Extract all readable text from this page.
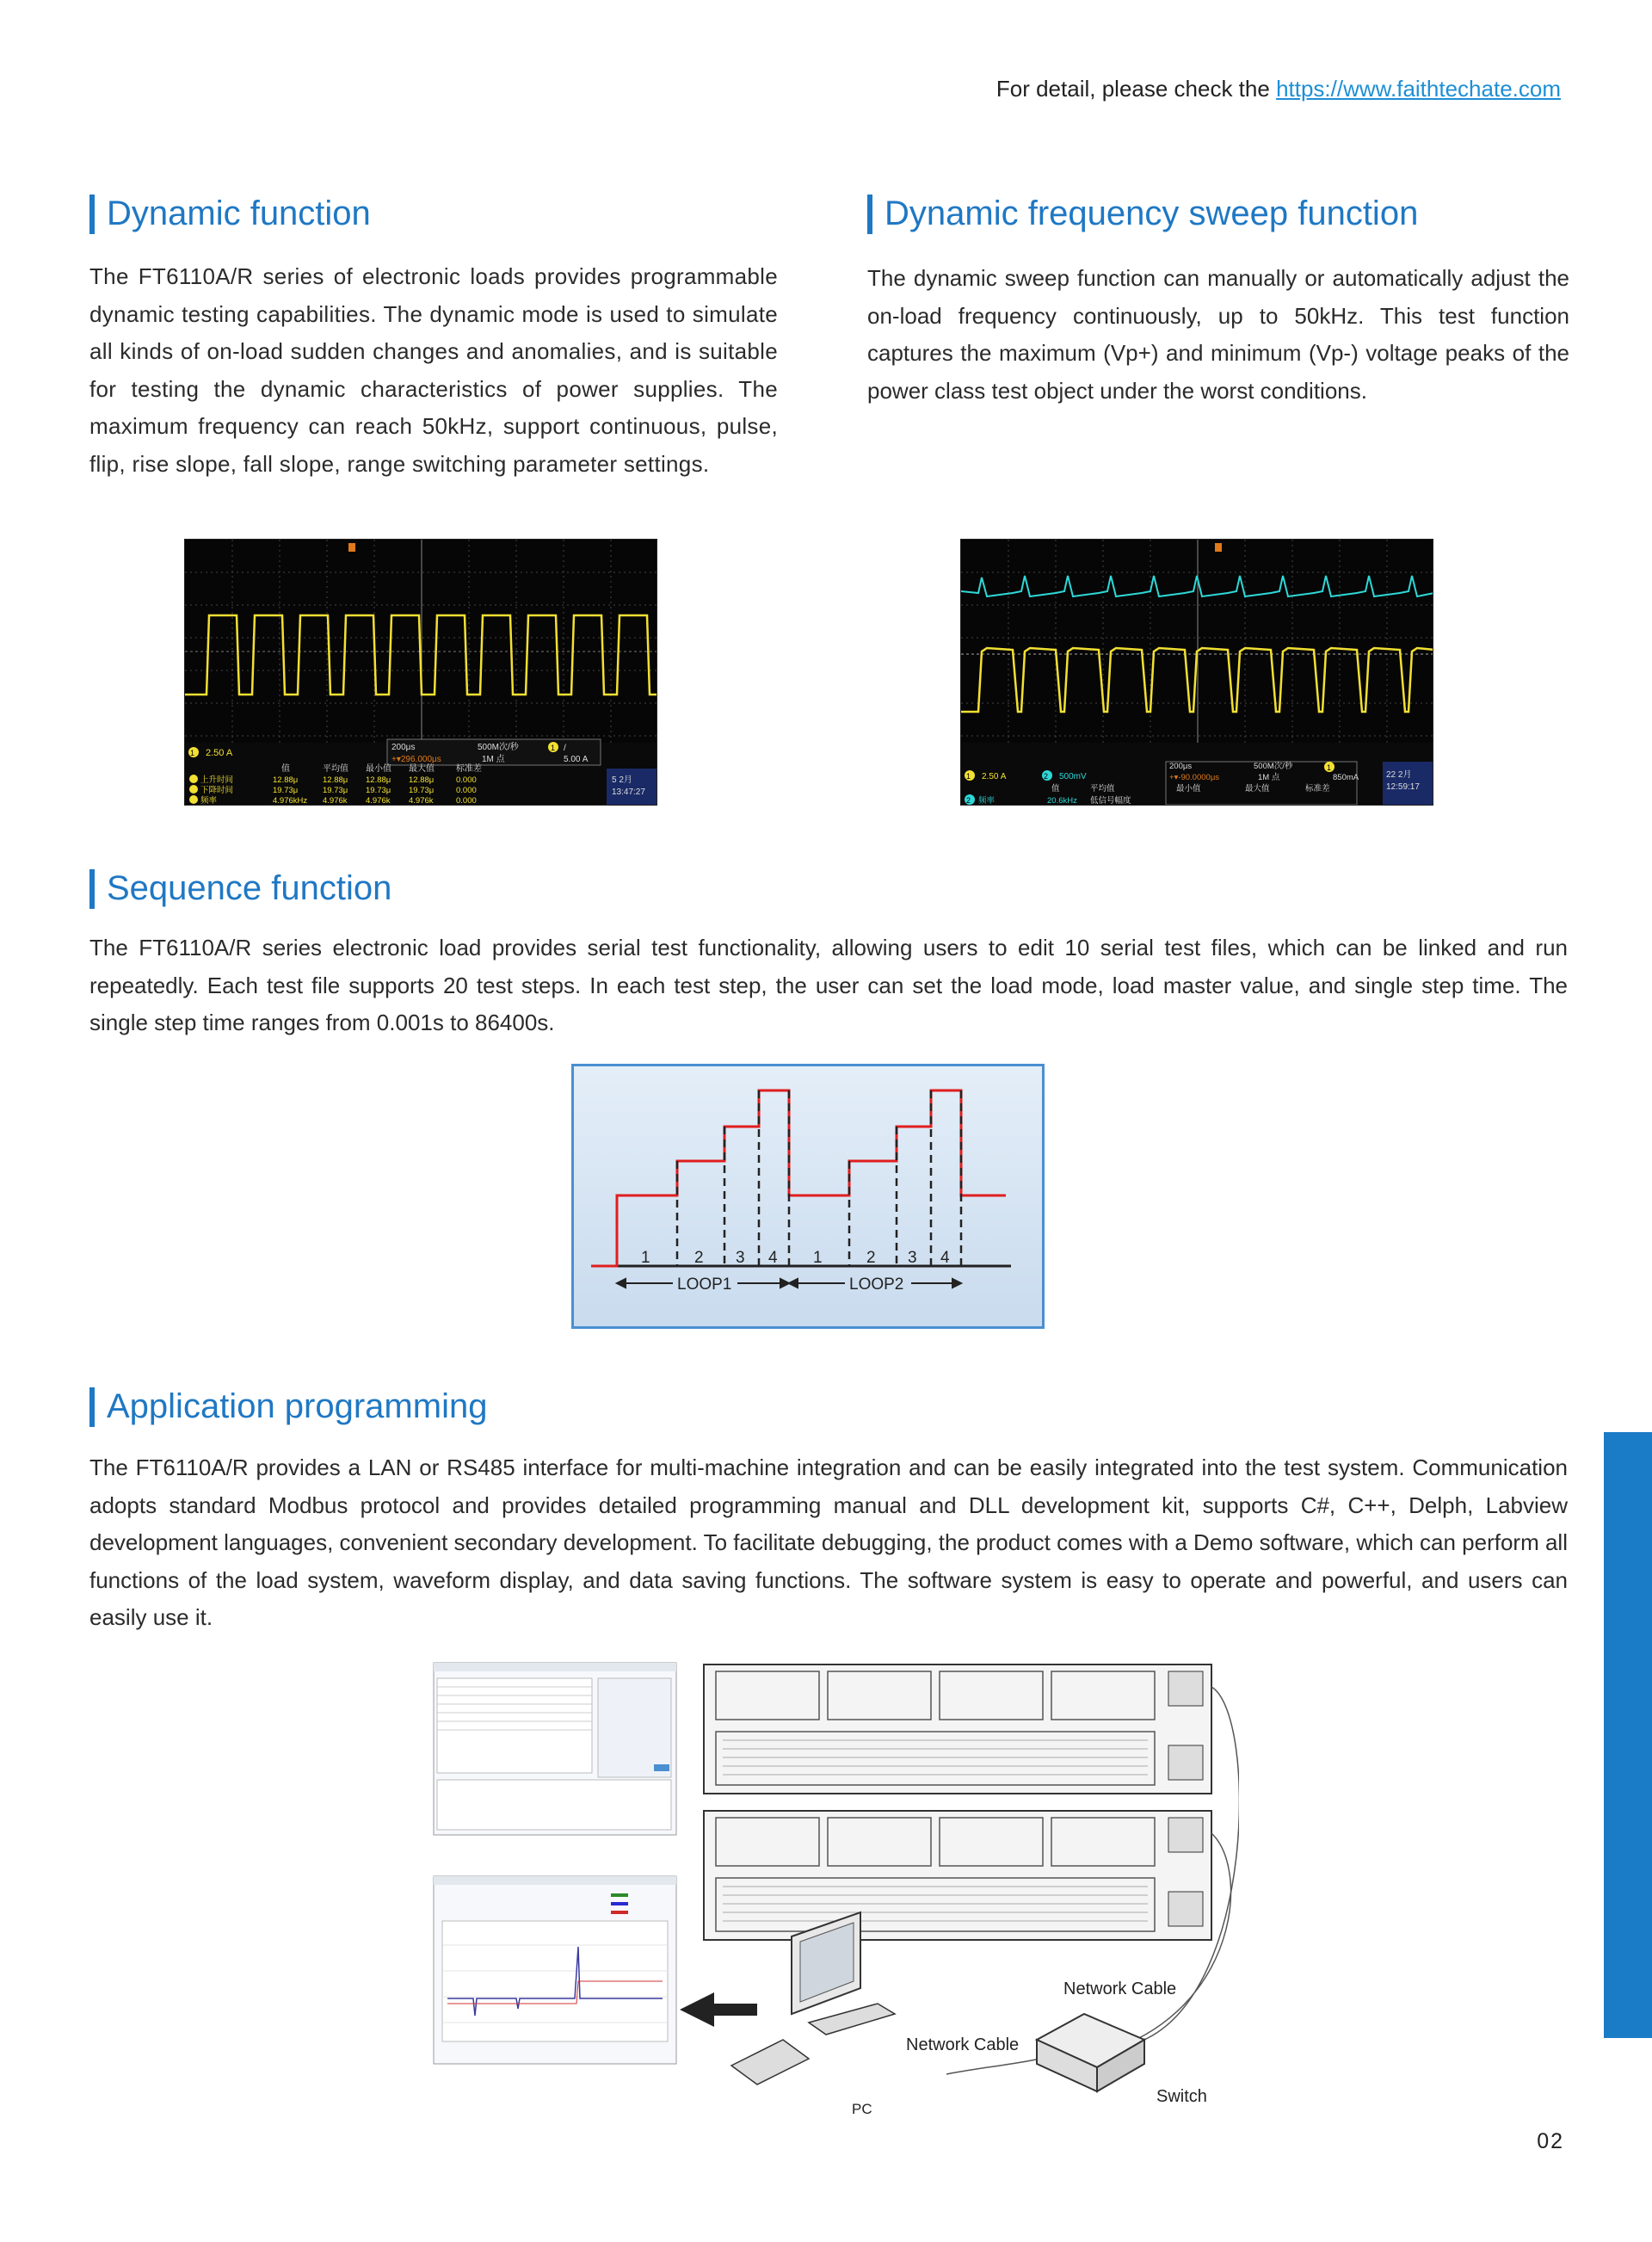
For detail, please check the https://www.faithtechate.com
Dynamic function
The FT6110A/R series of electronic loads provides programmable dynamic testing capabilities. The dynamic mode is used to simulate all kinds of on-load sudden changes and anomalies, and is suitable for testing the dynamic characteristics of power supplies. The maximum frequency can reach 50kHz, support continuous, pulse, flip, rise slope, fall slope, range switching parameter settings.
Dynamic frequency sweep function
The dynamic sweep function can manually or automatically adjust the on-load frequency continuously, up to 50kHz. This test function captures the maximum (Vp+) and minimum (Vp-) voltage peaks of the power class test object under the worst conditions.
1 2.50 A
200μs
+▾296.000μs
500M次/秒
1M 点
1
5.00 A
/
值	平均值 最小值 最大值	标准差
上升时间	12.88μ	12.88μ 12.88μ 12.88μ	0.000
下降时间	19.73μ	19.73μ 19.73μ 19.73μ	0.000
频率	4.976kHz 4.976k 4.976k 4.976k	0.000
5 2月
13:47:27
1 2.50 A	2 500mV
200μs
+▾-90.0000μs
500M次/秒
1M 点
1
850mA
值	平均值	最小值	最大值	标准差
2 频率	20.6kHz 低信号幅度
22 2月
12:59:17
Sequence function
The FT6110A/R series electronic load provides serial test functionality, allowing users to edit 10 serial test files, which can be linked and run repeatedly. Each test file supports 20 test steps. In each test step, the user can set the load mode, load master value, and single step time. The single step time ranges from 0.001s to 86400s.
1	2 3 4 1	2 3 4
LOOP1	LOOP2
Application programming
The FT6110A/R provides a LAN or RS485 interface for multi-machine integration and can be easily integrated into the test system. Communication adopts standard Modbus protocol and provides detailed programming manual and DLL development kit, supports C#, C++, Delph, Labview development languages, convenient secondary development. To facilitate debugging, the product comes with a Demo software, which can perform all functions of the load system, waveform display, and data saving functions. The software system is easy to operate and powerful, and users can easily use it.
Network Cable
Network Cable
Switch
PC
02
